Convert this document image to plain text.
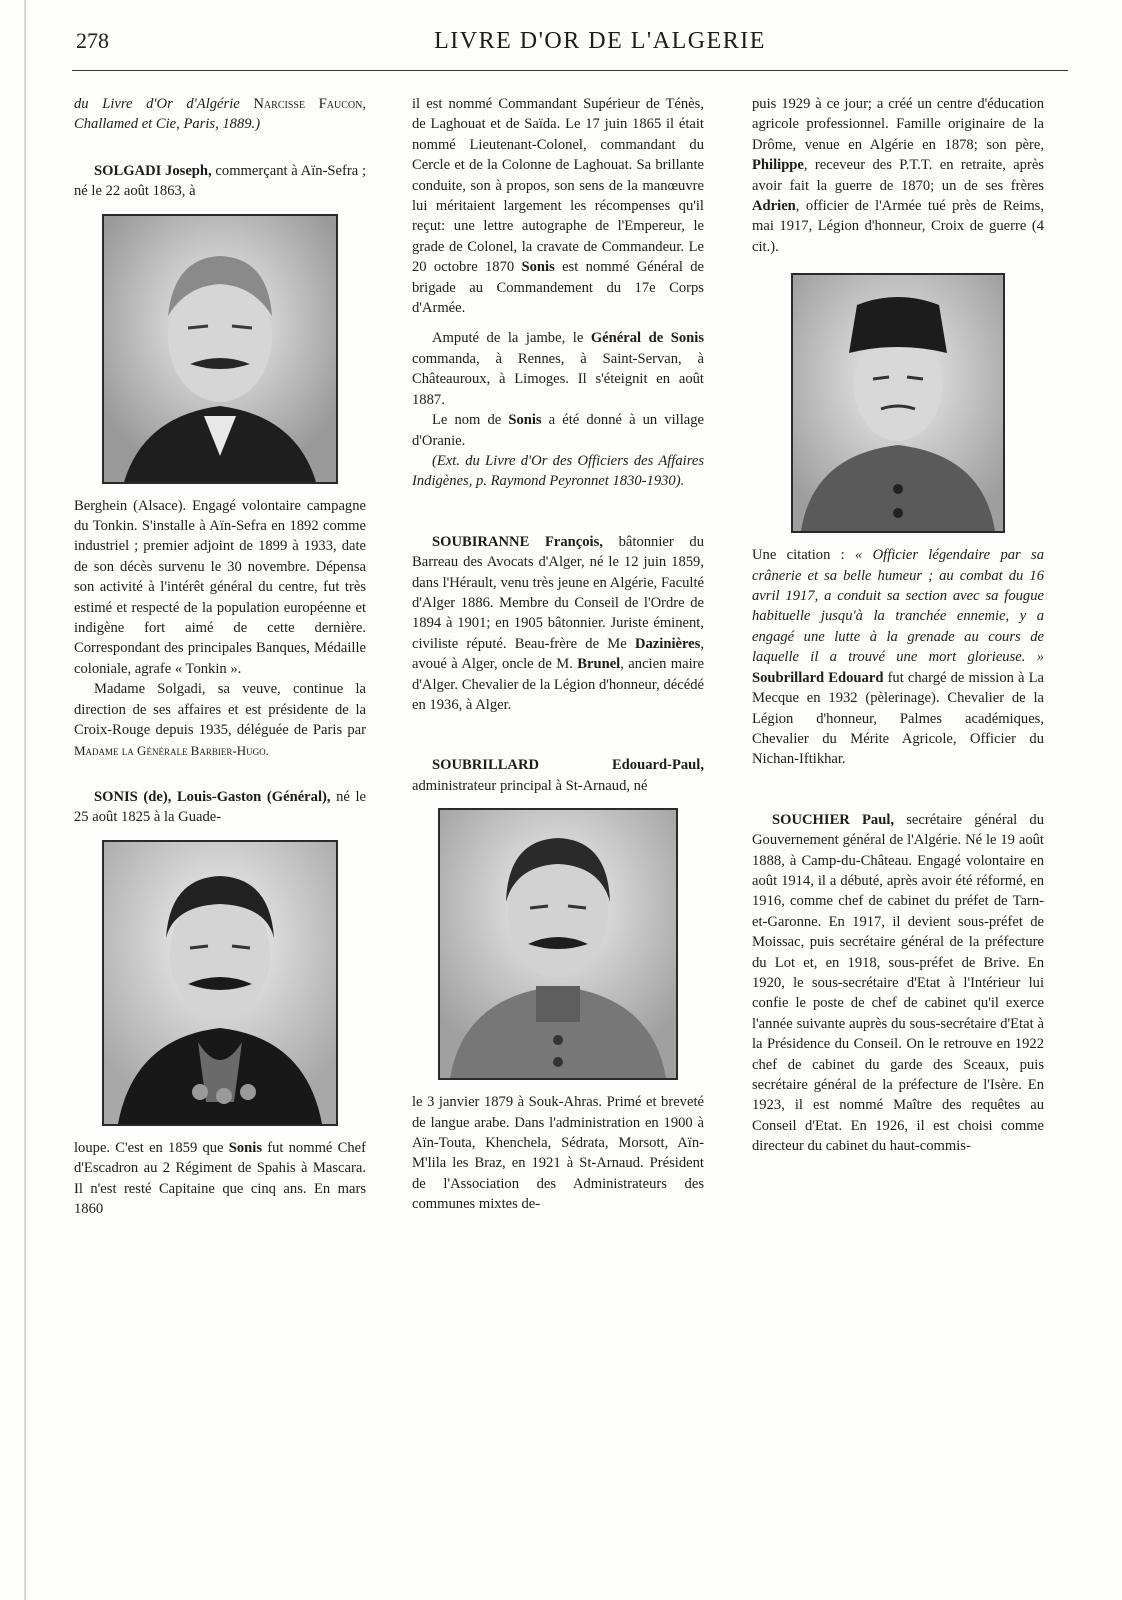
278	LIVRE D'OR DE L'ALGERIE

du Livre d'Or d'Algérie Narcisse Faucon, Challamed et Cie, Paris, 1889.)

SOLGADI Joseph, commerçant à Aïn-Sefra ; né le 22 août 1863, à

Berghein (Alsace). Engagé volontaire campagne du Tonkin. S'installe à Aïn-Sefra en 1892 comme industriel ; premier adjoint de 1899 à 1933, date de son décès survenu le 30 novembre. Dépensa son activité à l'intérêt général du centre, fut très estimé et respecté de la population européenne et indigène fort aimé de cette dernière. Correspondant des principales Banques, Médaille coloniale, agrafe « Tonkin ».

Madame Solgadi, sa veuve, continue la direction de ses affaires et est présidente de la Croix-Rouge depuis 1935, déléguée de Paris par Madame la Générale Barbier-Hugo.

SONIS (de), Louis-Gaston (Général), né le 25 août 1825 à la Guade-

loupe. C'est en 1859 que Sonis fut nommé Chef d'Escadron au 2 Régiment de Spahis à Mascara. Il n'est resté Capitaine que cinq ans. En mars 1860

il est nommé Commandant Supérieur de Ténès, de Laghouat et de Saïda. Le 17 juin 1865 il était nommé Lieutenant-Colonel, commandant du Cercle et de la Colonne de Laghouat. Sa brillante conduite, son à propos, son sens de la manœuvre lui méritaient largement les récompenses qu'il reçut: une lettre autographe de l'Empereur, le grade de Colonel, la cravate de Commandeur. Le 20 octobre 1870 Sonis est nommé Général de brigade au Commandement du 17e Corps d'Armée.

Amputé de la jambe, le Général de Sonis commanda, à Rennes, à Saint-Servan, à Châteauroux, à Limoges. Il s'éteignit en août 1887.

Le nom de Sonis a été donné à un village d'Oranie.

(Ext. du Livre d'Or des Officiers des Affaires Indigènes, p. Raymond Peyronnet 1830-1930).

SOUBIRANNE François, bâtonnier du Barreau des Avocats d'Alger, né le 12 juin 1859, dans l'Hérault, venu très jeune en Algérie, Faculté d'Alger 1886. Membre du Conseil de l'Ordre de 1894 à 1901; en 1905 bâtonnier. Juriste éminent, civiliste réputé. Beau-frère de Me Dazinières, avoué à Alger, oncle de M. Brunel, ancien maire d'Alger. Chevalier de la Légion d'honneur, décédé en 1936, à Alger.

SOUBRILLARD Edouard-Paul, administrateur principal à St-Arnaud, né

le 3 janvier 1879 à Souk-Ahras. Primé et breveté de langue arabe. Dans l'administration en 1900 à Aïn-Touta, Khenchela, Sédrata, Morsott, Aïn-M'lila les Braz, en 1921 à St-Arnaud. Président de l'Association des Administrateurs des communes mixtes de-

puis 1929 à ce jour; a créé un centre d'éducation agricole professionnel. Famille originaire de la Drôme, venue en Algérie en 1878; son père, Philippe, receveur des P.T.T. en retraite, après avoir fait la guerre de 1870; un de ses frères Adrien, officier de l'Armée tué près de Reims, mai 1917, Légion d'honneur, Croix de guerre (4 cit.).

Une citation : « Officier légendaire par sa crânerie et sa belle humeur ; au combat du 16 avril 1917, a conduit sa section avec sa fougue habituelle jusqu'à la tranchée ennemie, y a engagé une lutte à la grenade au cours de laquelle il a trouvé une mort glorieuse. » Soubrillard Edouard fut chargé de mission à La Mecque en 1932 (pèlerinage). Chevalier de la Légion d'honneur, Palmes académiques, Chevalier du Mérite Agricole, Officier du Nichan-Iftikhar.

SOUCHIER Paul, secrétaire général du Gouvernement général de l'Algérie. Né le 19 août 1888, à Camp-du-Château. Engagé volontaire en août 1914, il a débuté, après avoir été réformé, en 1916, comme chef de cabinet du préfet de Tarn-et-Garonne. En 1917, il devient sous-préfet de Moissac, puis secrétaire général de la préfecture du Lot et, en 1918, sous-préfet de Brive. En 1920, le sous-secrétaire d'Etat à l'Intérieur lui confie le poste de chef de cabinet qu'il exerce l'année suivante auprès du sous-secrétaire d'Etat à la Présidence du Conseil. On le retrouve en 1922 chef de cabinet du garde des Sceaux, puis secrétaire général de la préfecture de l'Isère. En 1923, il est nommé Maître des requêtes au Conseil d'Etat. En 1926, il est choisi comme directeur du cabinet du haut-commis-
